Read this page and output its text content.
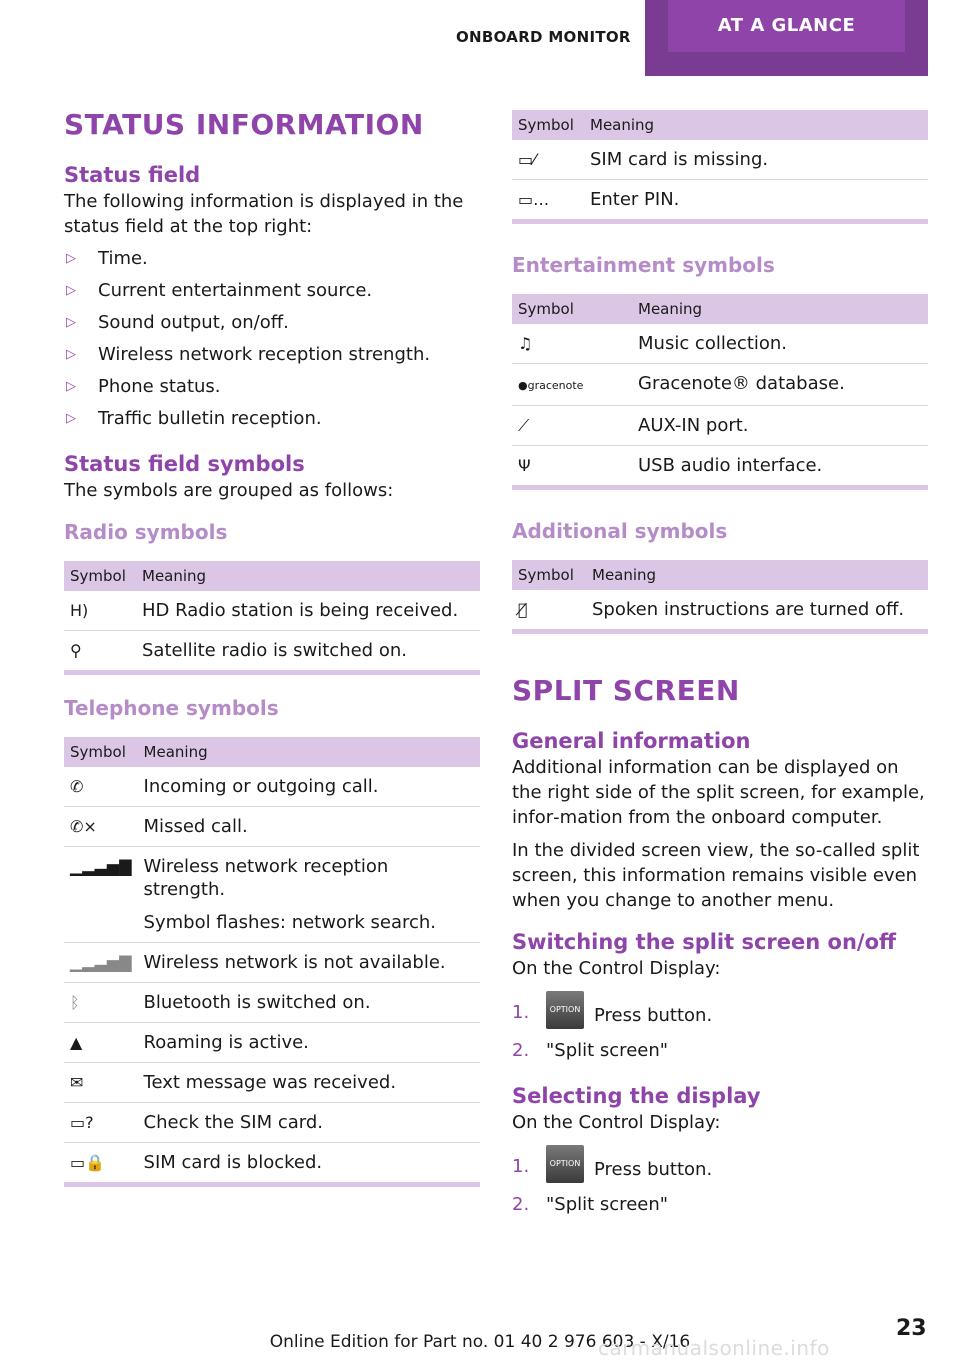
ONBOARD MONITOR
AT A GLANCE
STATUS INFORMATION
Status field

The following information is displayed in the status field at the top right:

▷ Time.
▷ Current entertainment source.
▷ Sound output, on/off.
▷ Wireless network reception strength.
▷ Phone status.
▷ Traffic bulletin reception.
Status field symbols

The symbols are grouped as follows:

Radio symbols
Symbol	Meaning
H)	HD Radio station is being received.
⚲	Satellite radio is switched on.
Telephone symbols
Symbol	Meaning
✆	Incoming or outgoing call.
✆×	Missed call.
▁▂▃▅▇	Wireless network reception strength.
Symbol flashes: network search.

▁▂▃▅▇	Wireless network is not available.
ᛒ	Bluetooth is switched on.
▲	Roaming is active.
✉	Text message was received.
▭?	Check the SIM card.
▭🔒	SIM card is blocked.
Symbol	Meaning
▭⁄	SIM card is missing.
▭…	Enter PIN.
Entertainment symbols
Symbol	Meaning
♫	Music collection.
●gracenote	Gracenote® database.
⟋	AUX-IN port.
Ψ	USB audio interface.
Additional symbols
Symbol	Meaning
🗣̸	Spoken instructions are turned off.
SPLIT SCREEN
General information

Additional information can be displayed on the right side of the split screen, for example, infor‐mation from the onboard computer.

In the divided screen view, the so-called split screen, this information remains visible even when you change to another menu.

Switching the split screen on/off

On the Control Display:

1.	OPTION Press button.
2. "Split screen"
Selecting the display

On the Control Display:

1.	OPTION Press button.
2. "Split screen"
23
Online Edition for Part no. 01 40 2 976 603 - X/16
carmanualsonline.info
